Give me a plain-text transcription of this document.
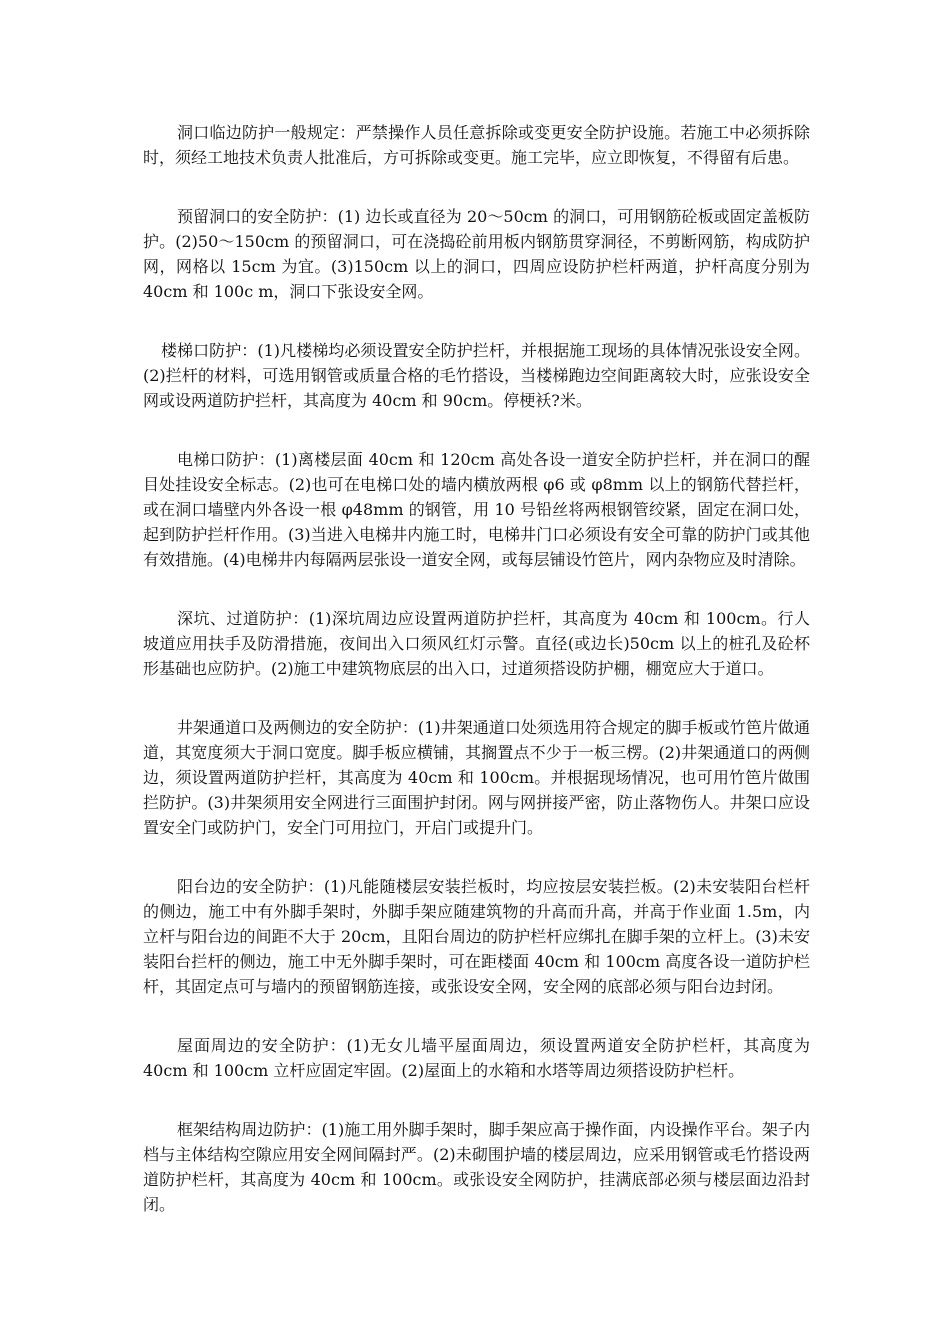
洞口临边防护一般规定：严禁操作人员任意拆除或变更安全防护设施。若施工中必须拆除时，须经工地技术负责人批准后，方可拆除或变更。施工完毕，应立即恢复，不得留有后患。

预留洞口的安全防护：(1) 边长或直径为 20～50cm 的洞口，可用钢筋砼板或固定盖板防护。(2)50～150cm 的预留洞口，可在浇捣砼前用板内钢筋贯穿洞径，不剪断网筋，构成防护网，网格以 15cm 为宜。(3)150cm 以上的洞口，四周应设防护栏杆两道，护杆高度分别为 40cm 和 100c m，洞口下张设安全网。

楼梯口防护：(1)凡楼梯均必须设置安全防护拦杆，并根据施工现场的具体情况张设安全网。(2)拦杆的材料，可选用钢管或质量合格的毛竹搭设，当楼梯跑边空间距离较大时，应张设安全网或设两道防护拦杆，其高度为 40cm 和 90cm。停梗袄?米。

电梯口防护：(1)离楼层面 40cm 和 120cm 高处各设一道安全防护拦杆，并在洞口的醒目处挂设安全标志。(2)也可在电梯口处的墙内横放两根 φ6 或 φ8mm 以上的钢筋代替拦杆，或在洞口墙壁内外各设一根 φ48mm 的钢管，用 10 号铅丝将两根钢管绞紧，固定在洞口处，起到防护拦杆作用。(3)当进入电梯井内施工时，电梯井门口必须设有安全可靠的防护门或其他有效措施。(4)电梯井内每隔两层张设一道安全网，或每层铺设竹笆片，网内杂物应及时清除。

深坑、过道防护：(1)深坑周边应设置两道防护拦杆，其高度为 40cm 和 100cm。行人坡道应用扶手及防滑措施，夜间出入口须风红灯示警。直径(或边长)50cm 以上的桩孔及砼杯形基础也应防护。(2)施工中建筑物底层的出入口，过道须搭设防护棚，棚宽应大于道口。

井架通道口及两侧边的安全防护：(1)井架通道口处须选用符合规定的脚手板或竹笆片做通道，其宽度须大于洞口宽度。脚手板应横铺，其搁置点不少于一板三楞。(2)井架通道口的两侧边，须设置两道防护拦杆，其高度为 40cm 和 100cm。并根据现场情况，也可用竹笆片做围拦防护。(3)井架须用安全网进行三面围护封闭。网与网拼接严密，防止落物伤人。井架口应设置安全门或防护门，安全门可用拉门，开启门或提升门。

阳台边的安全防护：(1)凡能随楼层安装拦板时，均应按层安装拦板。(2)未安装阳台栏杆的侧边，施工中有外脚手架时，外脚手架应随建筑物的升高而升高，并高于作业面 1.5m，内立杆与阳台边的间距不大于 20cm，且阳台周边的防护栏杆应绑扎在脚手架的立杆上。(3)未安装阳台拦杆的侧边，施工中无外脚手架时，可在距楼面 40cm 和 100cm 高度各设一道防护栏杆，其固定点可与墙内的预留钢筋连接，或张设安全网，安全网的底部必须与阳台边封闭。

屋面周边的安全防护：(1)无女儿墙平屋面周边，须设置两道安全防护栏杆，其高度为 40cm 和 100cm 立杆应固定牢固。(2)屋面上的水箱和水塔等周边须搭设防护栏杆。

框架结构周边防护：(1)施工用外脚手架时，脚手架应高于操作面，内设操作平台。架子内档与主体结构空隙应用安全网间隔封严。(2)未砌围护墙的楼层周边，应采用钢管或毛竹搭设两道防护栏杆，其高度为 40cm 和 100cm。或张设安全网防护，挂满底部必须与楼层面边沿封闭。
